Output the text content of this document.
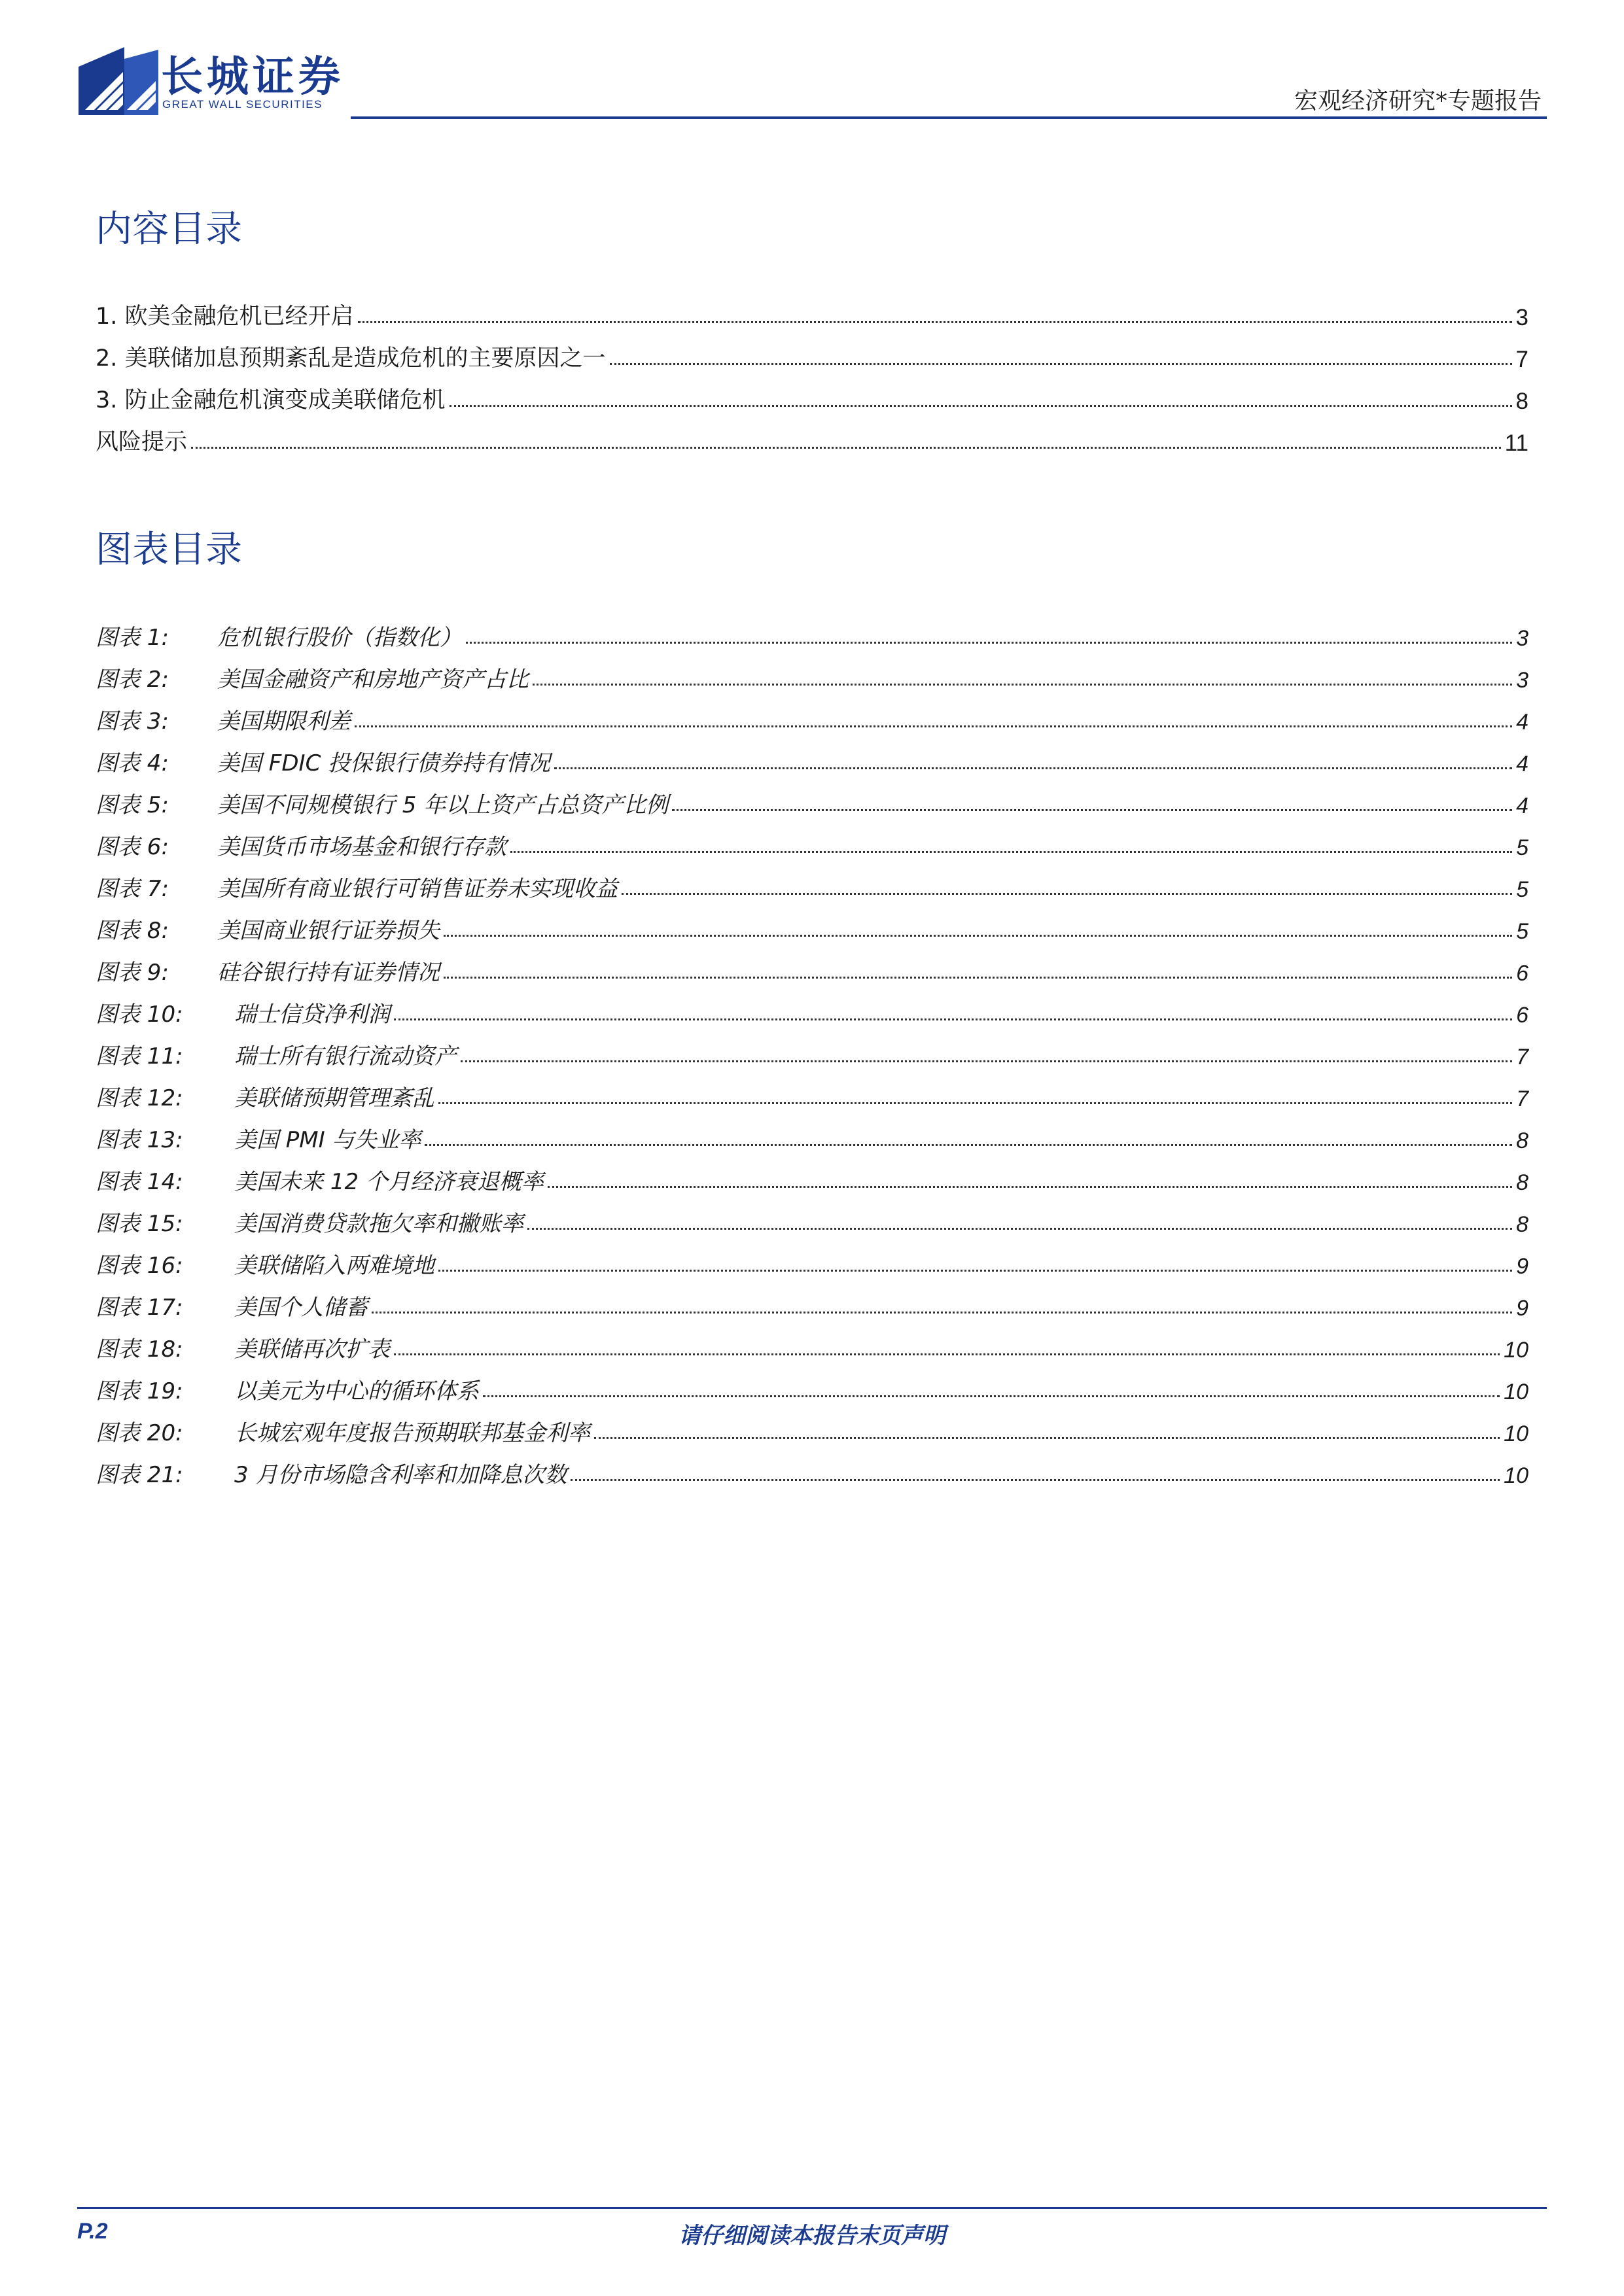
长城证券
GREAT WALL SECURITIES	宏观经济研究*专题报告
内容目录
1. 欧美金融危机已经开启	3
2. 美联储加息预期紊乱是造成危机的主要原因之一	7
3. 防止金融危机演变成美联储危机	8
风险提示	11
图表目录
图表 1: 危机银行股价（指数化）	3
图表 2: 美国金融资产和房地产资产占比	3
图表 3: 美国期限利差	4
图表 4: 美国 FDIC 投保银行债券持有情况	4
图表 5: 美国不同规模银行 5 年以上资产占总资产比例	4
图表 6: 美国货币市场基金和银行存款	5
图表 7: 美国所有商业银行可销售证券未实现收益	5
图表 8: 美国商业银行证券损失	5
图表 9: 硅谷银行持有证券情况	6
图表 10: 瑞士信贷净利润	6
图表 11: 瑞士所有银行流动资产	7
图表 12: 美联储预期管理紊乱	7
图表 13: 美国 PMI 与失业率	8
图表 14: 美国未来 12 个月经济衰退概率	8
图表 15: 美国消费贷款拖欠率和撇账率	8
图表 16: 美联储陷入两难境地	9
图表 17: 美国个人储蓄	9
图表 18: 美联储再次扩表	10
图表 19: 以美元为中心的循环体系	10
图表 20: 长城宏观年度报告预期联邦基金利率	10
图表 21: 3 月份市场隐含利率和加降息次数	10
P.2	请仔细阅读本报告末页声明
